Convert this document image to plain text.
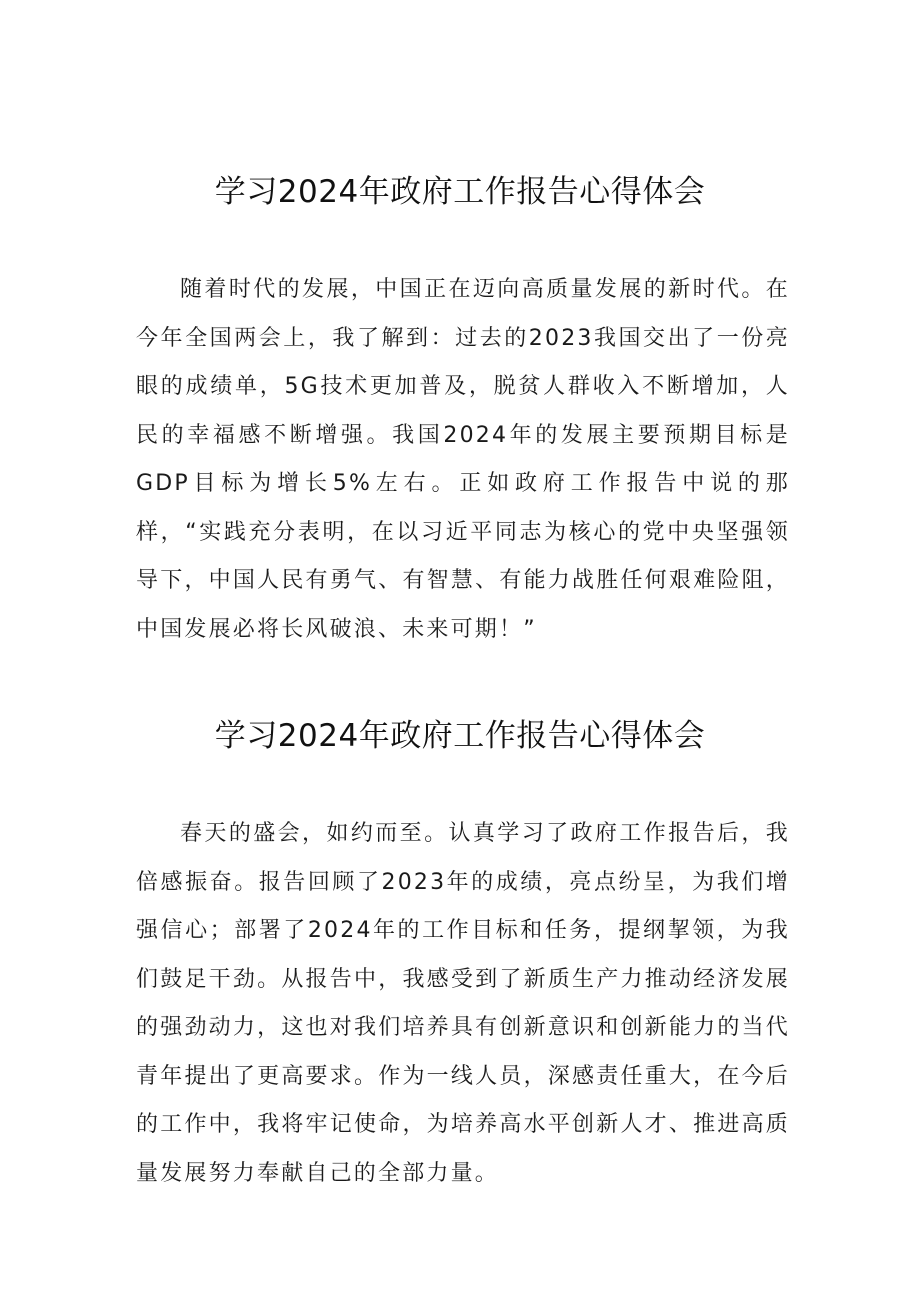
学习2024年政府工作报告心得体会

随着时代的发展，中国正在迈向高质量发展的新时代。在今年全国两会上，我了解到：过去的2023我国交出了一份亮眼的成绩单，5G技术更加普及，脱贫人群收入不断增加，人民的幸福感不断增强。我国2024年的发展主要预期目标是GDP目标为增长5%左右。正如政府工作报告中说的那样，“实践充分表明，在以习近平同志为核心的党中央坚强领导下，中国人民有勇气、有智慧、有能力战胜任何艰难险阻，中国发展必将长风破浪、未来可期！”

学习2024年政府工作报告心得体会

春天的盛会，如约而至。认真学习了政府工作报告后，我倍感振奋。报告回顾了2023年的成绩，亮点纷呈，为我们增强信心；部署了2024年的工作目标和任务，提纲挈领，为我们鼓足干劲。从报告中，我感受到了新质生产力推动经济发展的强劲动力，这也对我们培养具有创新意识和创新能力的当代青年提出了更高要求。作为一线人员，深感责任重大，在今后的工作中，我将牢记使命，为培养高水平创新人才、推进高质量发展努力奉献自己的全部力量。
